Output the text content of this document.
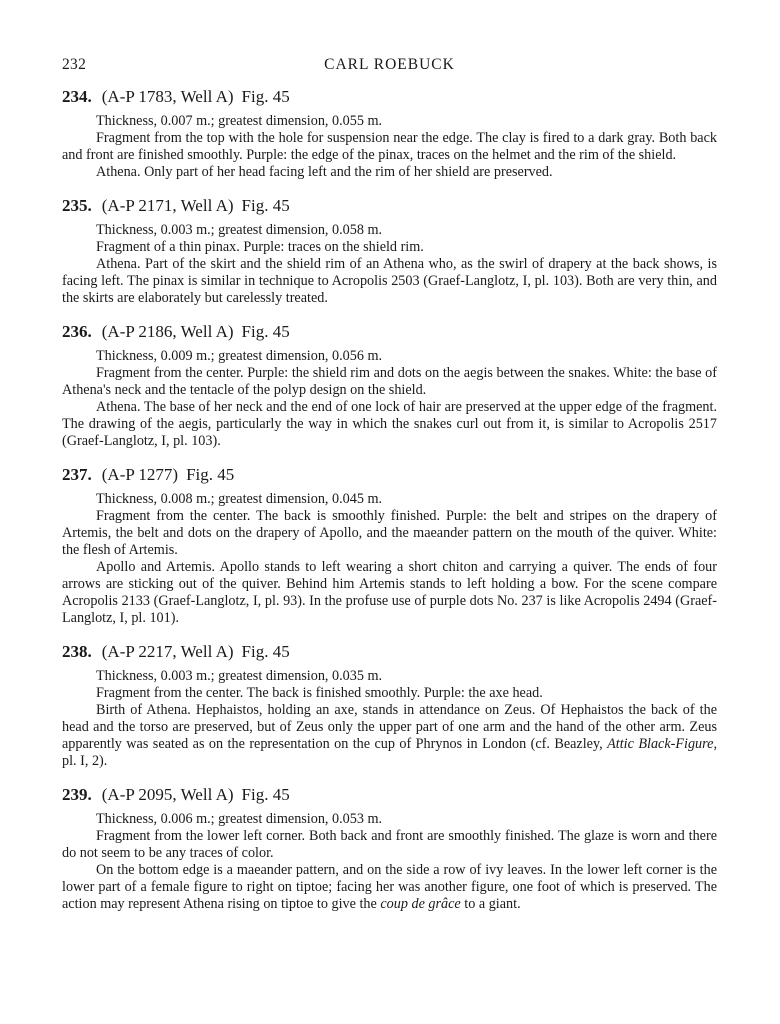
232	CARL ROEBUCK
234. (A-P 1783, Well A) Fig. 45

Thickness, 0.007 m.; greatest dimension, 0.055 m.

Fragment from the top with the hole for suspension near the edge. The clay is fired to a dark gray. Both back and front are finished smoothly. Purple: the edge of the pinax, traces on the helmet and the rim of the shield.

Athena. Only part of her head facing left and the rim of her shield are preserved.

235. (A-P 2171, Well A) Fig. 45

Thickness, 0.003 m.; greatest dimension, 0.058 m.

Fragment of a thin pinax. Purple: traces on the shield rim.

Athena. Part of the skirt and the shield rim of an Athena who, as the swirl of drapery at the back shows, is facing left. The pinax is similar in technique to Acropolis 2503 (Graef-Langlotz, I, pl. 103). Both are very thin, and the skirts are elaborately but carelessly treated.

236. (A-P 2186, Well A) Fig. 45

Thickness, 0.009 m.; greatest dimension, 0.056 m.

Fragment from the center. Purple: the shield rim and dots on the aegis between the snakes. White: the base of Athena's neck and the tentacle of the polyp design on the shield.

Athena. The base of her neck and the end of one lock of hair are preserved at the upper edge of the fragment. The drawing of the aegis, particularly the way in which the snakes curl out from it, is similar to Acropolis 2517 (Graef-Langlotz, I, pl. 103).

237. (A-P 1277) Fig. 45

Thickness, 0.008 m.; greatest dimension, 0.045 m.

Fragment from the center. The back is smoothly finished. Purple: the belt and stripes on the drapery of Artemis, the belt and dots on the drapery of Apollo, and the maeander pattern on the mouth of the quiver. White: the flesh of Artemis.

Apollo and Artemis. Apollo stands to left wearing a short chiton and carrying a quiver. The ends of four arrows are sticking out of the quiver. Behind him Artemis stands to left holding a bow. For the scene compare Acropolis 2133 (Graef-Langlotz, I, pl. 93). In the profuse use of purple dots No. 237 is like Acropolis 2494 (Graef-Langlotz, I, pl. 101).

238. (A-P 2217, Well A) Fig. 45

Thickness, 0.003 m.; greatest dimension, 0.035 m.

Fragment from the center. The back is finished smoothly. Purple: the axe head.

Birth of Athena. Hephaistos, holding an axe, stands in attendance on Zeus. Of Hephaistos the back of the head and the torso are preserved, but of Zeus only the upper part of one arm and the hand of the other arm. Zeus apparently was seated as on the representation on the cup of Phrynos in London (cf. Beazley, Attic Black-Figure, pl. I, 2).

239. (A-P 2095, Well A) Fig. 45

Thickness, 0.006 m.; greatest dimension, 0.053 m.

Fragment from the lower left corner. Both back and front are smoothly finished. The glaze is worn and there do not seem to be any traces of color.

On the bottom edge is a maeander pattern, and on the side a row of ivy leaves. In the lower left corner is the lower part of a female figure to right on tiptoe; facing her was another figure, one foot of which is preserved. The action may represent Athena rising on tiptoe to give the coup de grâce to a giant.
